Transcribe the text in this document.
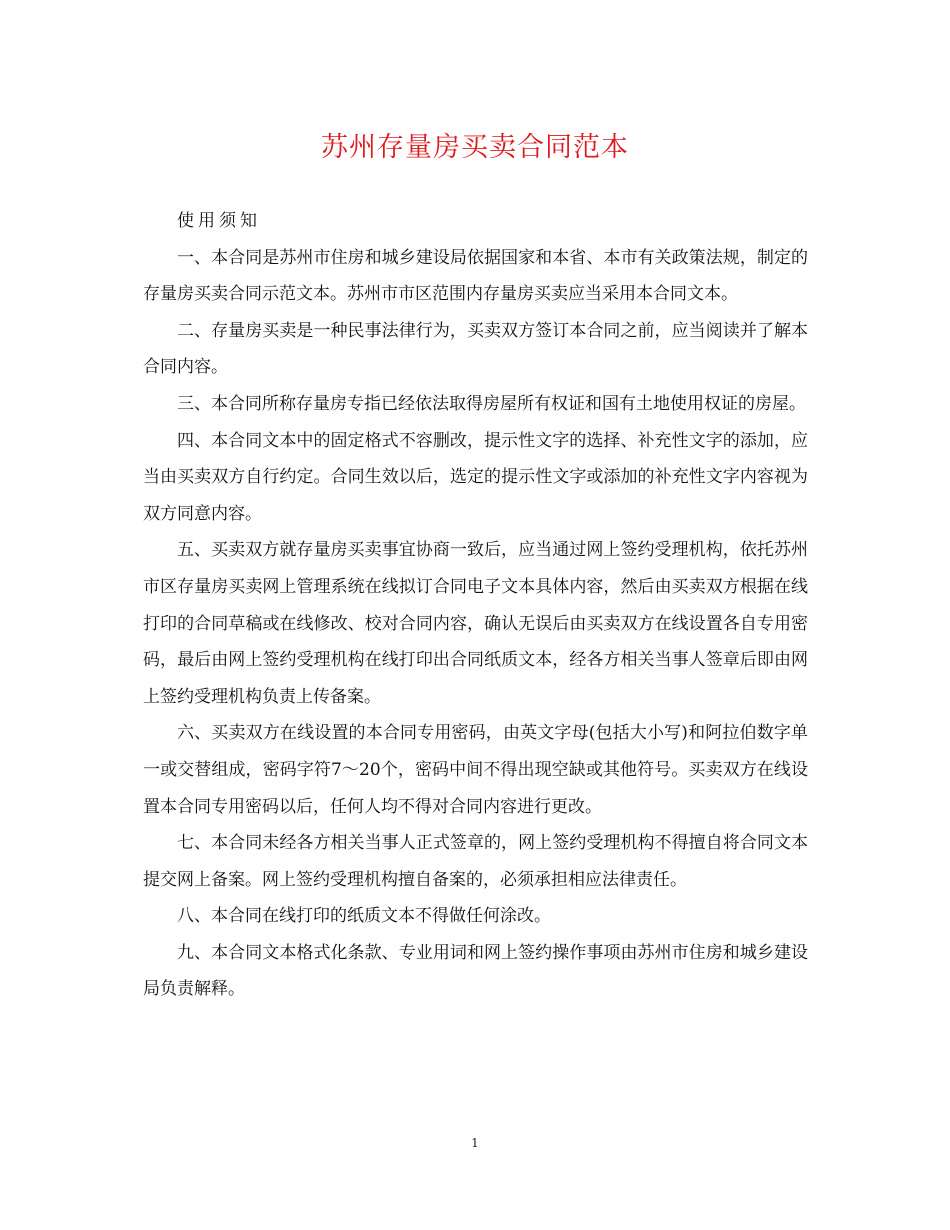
苏州存量房买卖合同范本

使用须知

一、本合同是苏州市住房和城乡建设局依据国家和本省、本市有关政策法规，制定的存量房买卖合同示范文本。苏州市市区范围内存量房买卖应当采用本合同文本。

二、存量房买卖是一种民事法律行为，买卖双方签订本合同之前，应当阅读并了解本合同内容。

三、本合同所称存量房专指已经依法取得房屋所有权证和国有土地使用权证的房屋。

四、本合同文本中的固定格式不容删改，提示性文字的选择、补充性文字的添加，应当由买卖双方自行约定。合同生效以后，选定的提示性文字或添加的补充性文字内容视为双方同意内容。

五、买卖双方就存量房买卖事宜协商一致后，应当通过网上签约受理机构，依托苏州市区存量房买卖网上管理系统在线拟订合同电子文本具体内容，然后由买卖双方根据在线打印的合同草稿或在线修改、校对合同内容，确认无误后由买卖双方在线设置各自专用密码，最后由网上签约受理机构在线打印出合同纸质文本，经各方相关当事人签章后即由网上签约受理机构负责上传备案。

六、买卖双方在线设置的本合同专用密码，由英文字母(包括大小写)和阿拉伯数字单一或交替组成，密码字符7～20个，密码中间不得出现空缺或其他符号。买卖双方在线设置本合同专用密码以后，任何人均不得对合同内容进行更改。

七、本合同未经各方相关当事人正式签章的，网上签约受理机构不得擅自将合同文本提交网上备案。网上签约受理机构擅自备案的，必须承担相应法律责任。

八、本合同在线打印的纸质文本不得做任何涂改。

九、本合同文本格式化条款、专业用词和网上签约操作事项由苏州市住房和城乡建设局负责解释。

1
